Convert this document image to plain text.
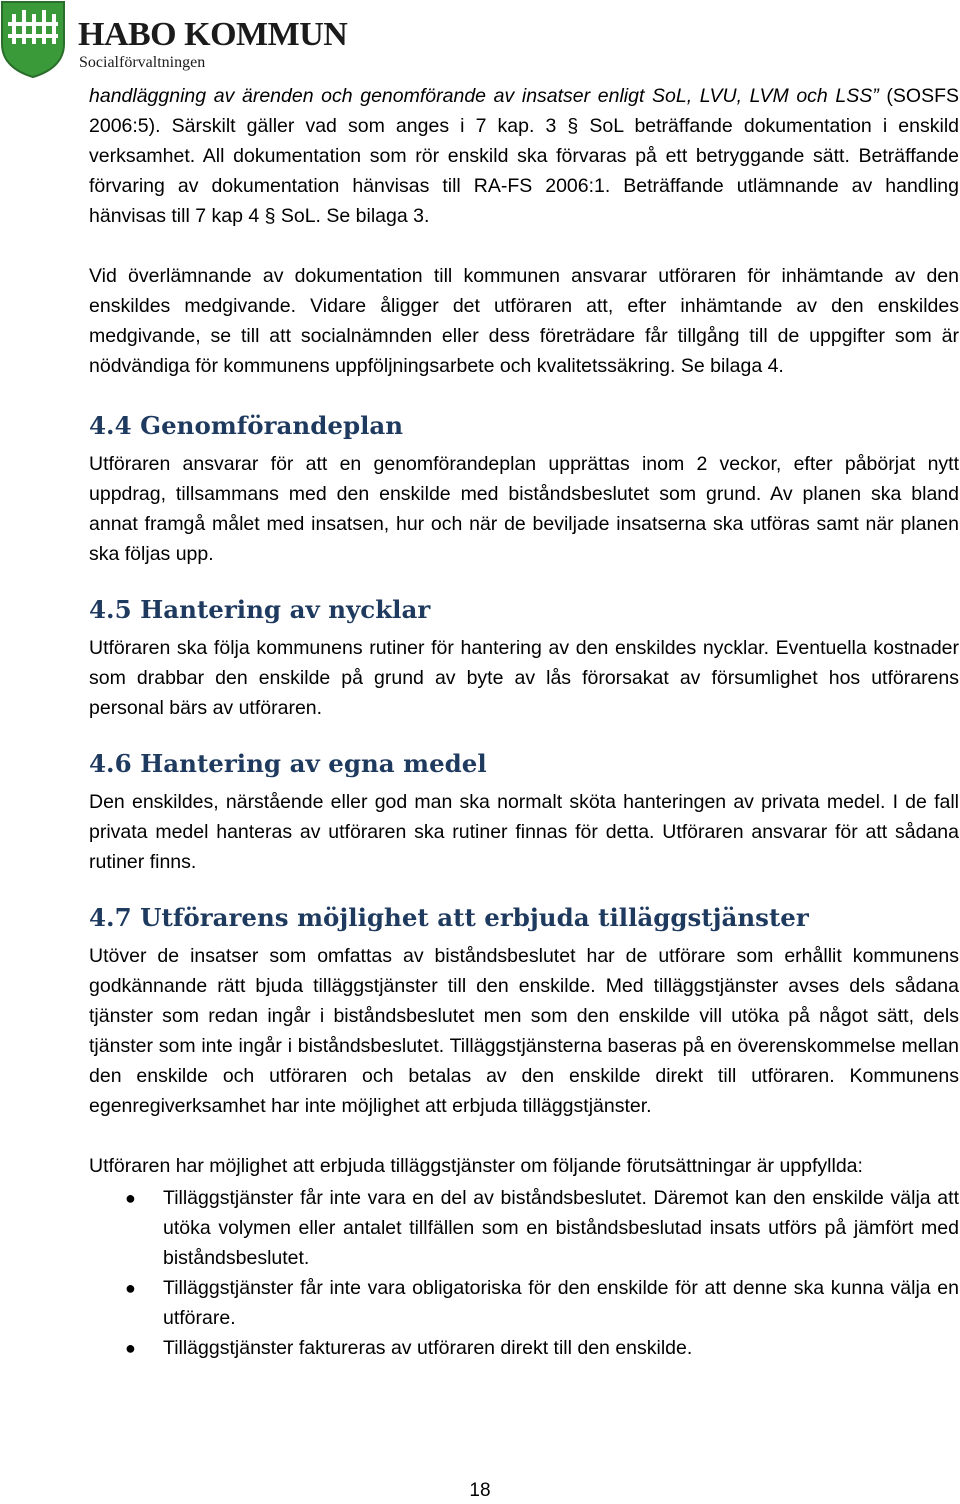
HABO KOMMUN
Socialförvaltningen

handläggning av ärenden och genomförande av insatser enligt SoL, LVU, LVM och LSS” (SOSFS 2006:5). Särskilt gäller vad som anges i 7 kap. 3 § SoL beträffande dokumentation i enskild verksamhet. All dokumentation som rör enskild ska förvaras på ett betryggande sätt. Beträffande förvaring av dokumentation hänvisas till RA-FS 2006:1. Beträffande utlämnande av handling hänvisas till 7 kap 4 § SoL. Se bilaga 3.

Vid överlämnande av dokumentation till kommunen ansvarar utföraren för inhämtande av den enskildes medgivande. Vidare åligger det utföraren att, efter inhämtande av den enskildes medgivande, se till att socialnämnden eller dess företrädare får tillgång till de uppgifter som är nödvändiga för kommunens uppföljningsarbete och kvalitetssäkring. Se bilaga 4.

4.4 Genomförandeplan

Utföraren ansvarar för att en genomförandeplan upprättas inom 2 veckor, efter påbörjat nytt uppdrag, tillsammans med den enskilde med biståndsbeslutet som grund. Av planen ska bland annat framgå målet med insatsen, hur och när de beviljade insatserna ska utföras samt när planen ska följas upp.

4.5 Hantering av nycklar

Utföraren ska följa kommunens rutiner för hantering av den enskildes nycklar. Eventuella kostnader som drabbar den enskilde på grund av byte av lås förorsakat av försumlighet hos utförarens personal bärs av utföraren.

4.6 Hantering av egna medel

Den enskildes, närstående eller god man ska normalt sköta hanteringen av privata medel. I de fall privata medel hanteras av utföraren ska rutiner finnas för detta. Utföraren ansvarar för att sådana rutiner finns.

4.7 Utförarens möjlighet att erbjuda tilläggstjänster

Utöver de insatser som omfattas av biståndsbeslutet har de utförare som erhållit kommunens godkännande rätt bjuda tilläggstjänster till den enskilde. Med tilläggstjänster avses dels sådana tjänster som redan ingår i biståndsbeslutet men som den enskilde vill utöka på något sätt, dels tjänster som inte ingår i biståndsbeslutet. Tilläggstjänsterna baseras på en överenskommelse mellan den enskilde och utföraren och betalas av den enskilde direkt till utföraren. Kommunens egenregiverksamhet har inte möjlighet att erbjuda tilläggstjänster.

Utföraren har möjlighet att erbjuda tilläggstjänster om följande förutsättningar är uppfyllda:

● Tilläggstjänster får inte vara en del av biståndsbeslutet. Däremot kan den enskilde välja att utöka volymen eller antalet tillfällen som en biståndsbeslutad insats utförs på jämfört med biståndsbeslutet.
● Tilläggstjänster får inte vara obligatoriska för den enskilde för att denne ska kunna välja en utförare.
● Tilläggstjänster faktureras av utföraren direkt till den enskilde.
18
